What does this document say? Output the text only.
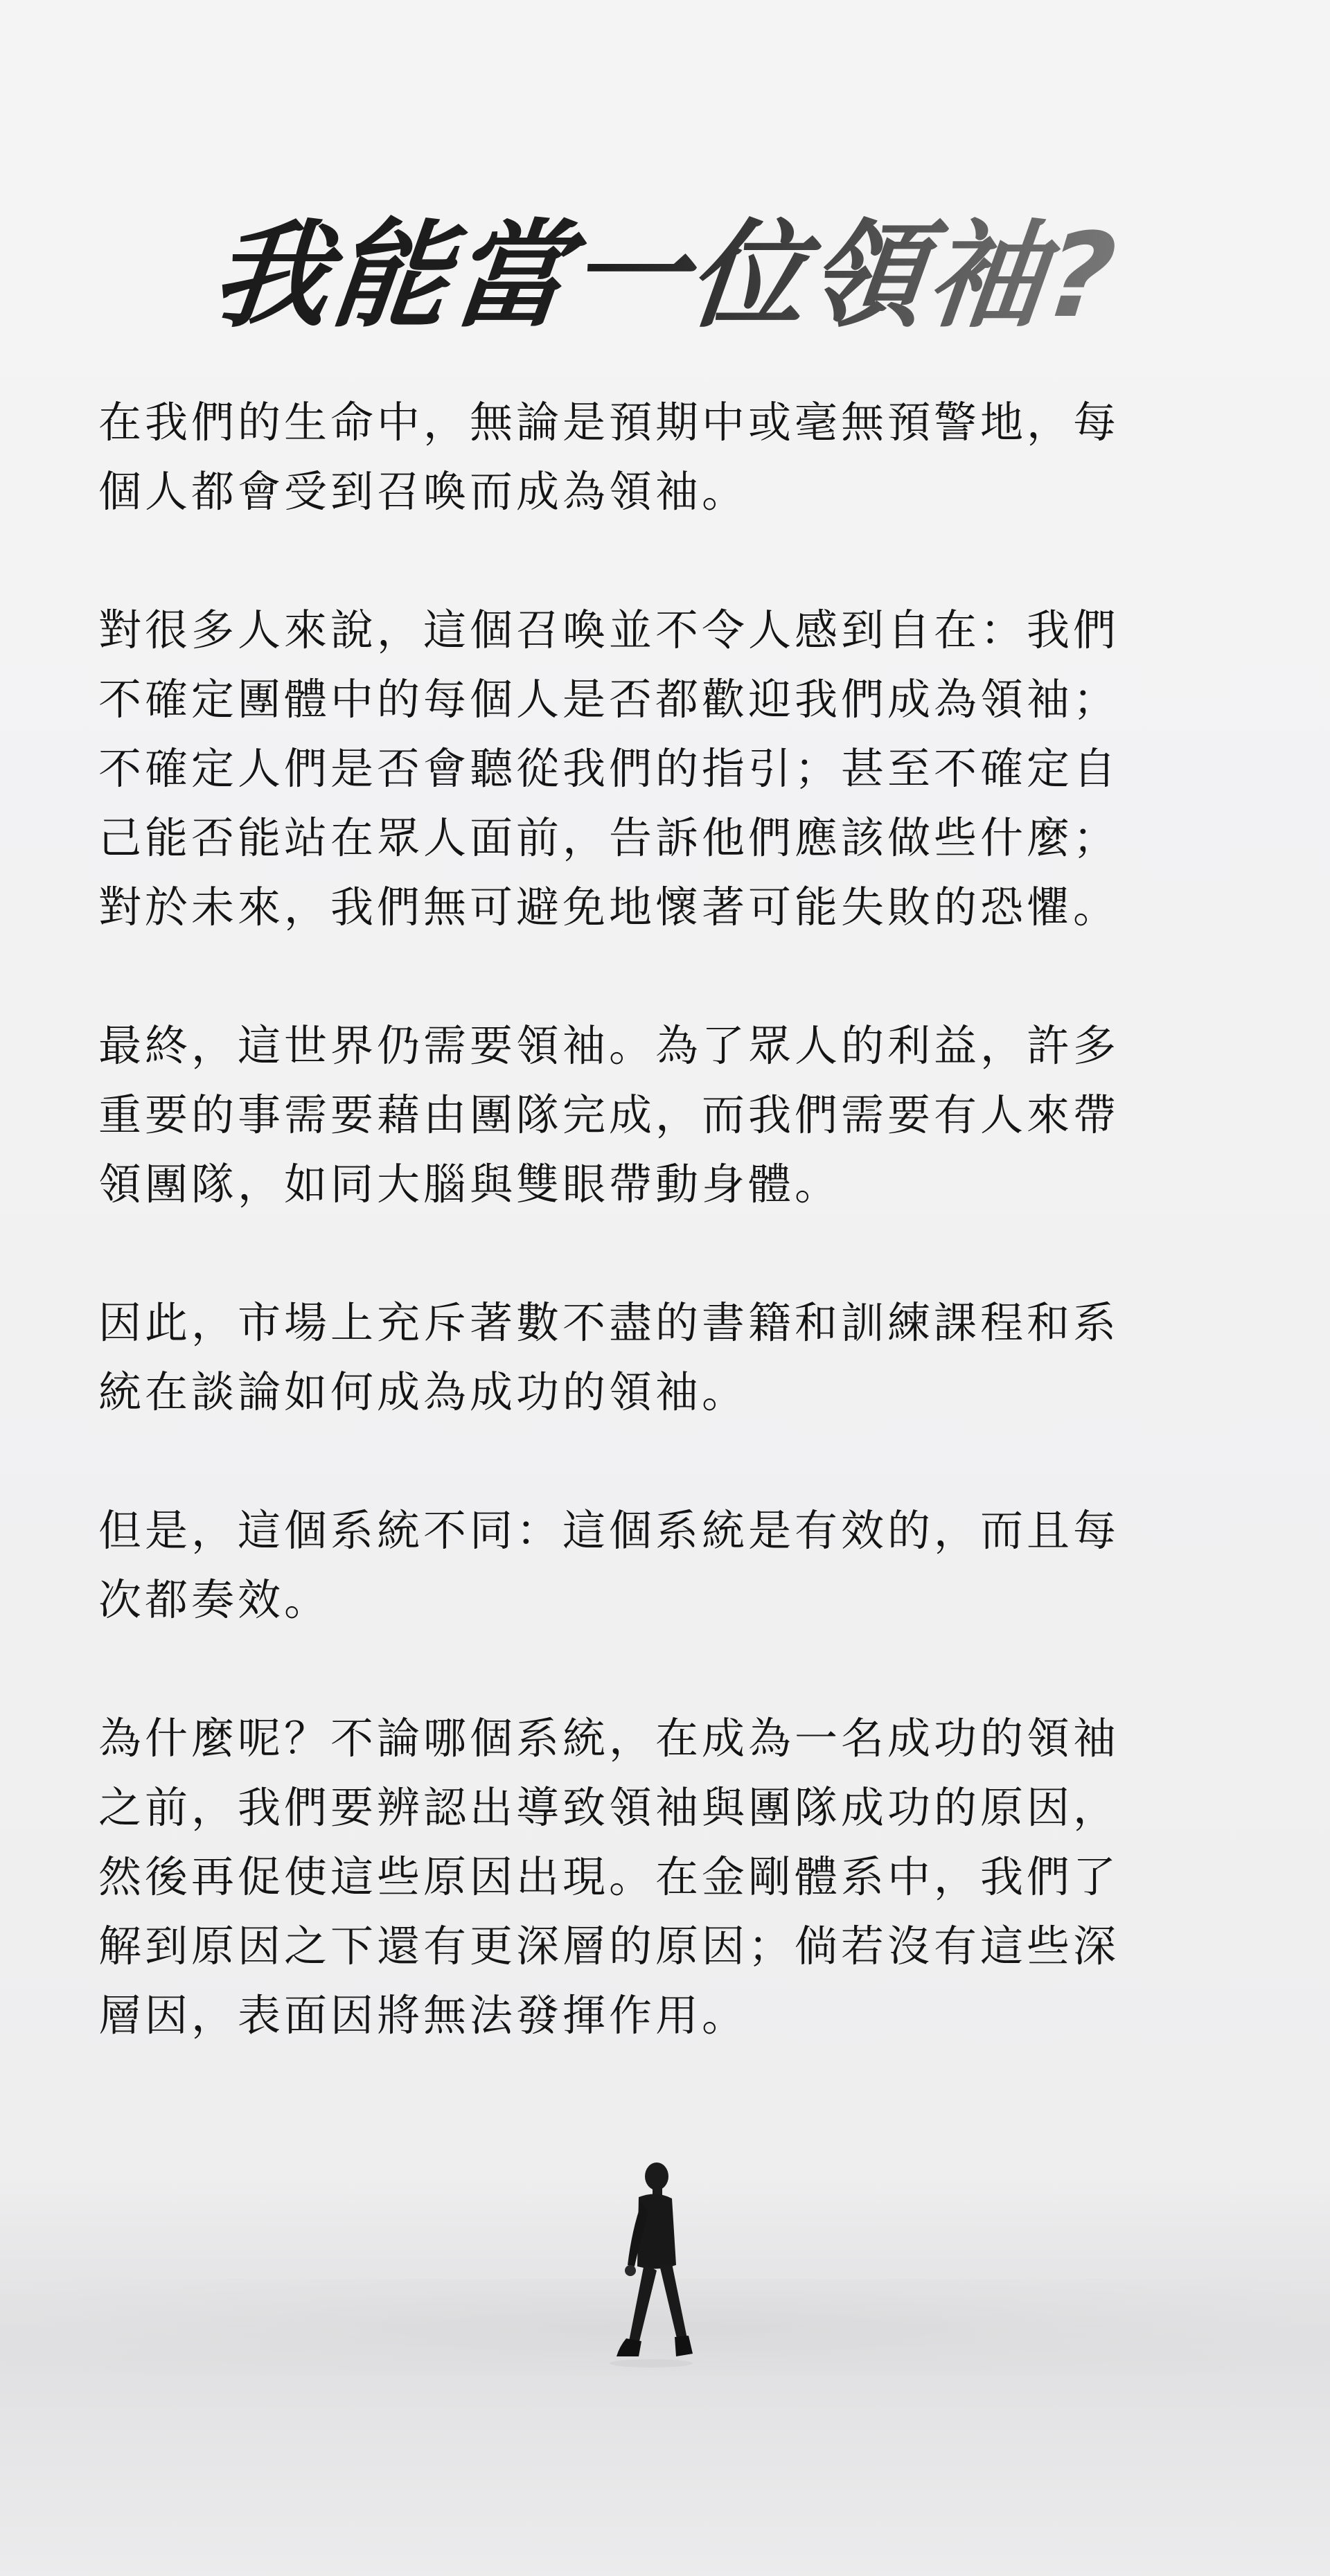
我能當一位領袖?

在我們的生命中，無論是預期中或毫無預警地，每
個人都會受到召喚而成為領袖。

對很多人來說，這個召喚並不令人感到自在：我們
不確定團體中的每個人是否都歡迎我們成為領袖；
不確定人們是否會聽從我們的指引；甚至不確定自
己能否能站在眾人面前，告訴他們應該做些什麼；
對於未來，我們無可避免地懷著可能失敗的恐懼。

最終，這世界仍需要領袖。為了眾人的利益，許多
重要的事需要藉由團隊完成，而我們需要有人來帶
領團隊，如同大腦與雙眼帶動身體。

因此，市場上充斥著數不盡的書籍和訓練課程和系
統在談論如何成為成功的領袖。

但是，這個系統不同：這個系統是有效的，而且每
次都奏效。

為什麼呢？不論哪個系統，在成為一名成功的領袖
之前，我們要辨認出導致領袖與團隊成功的原因，
然後再促使這些原因出現。在金剛體系中，我們了
解到原因之下還有更深層的原因；倘若沒有這些深
層因，表面因將無法發揮作用。
